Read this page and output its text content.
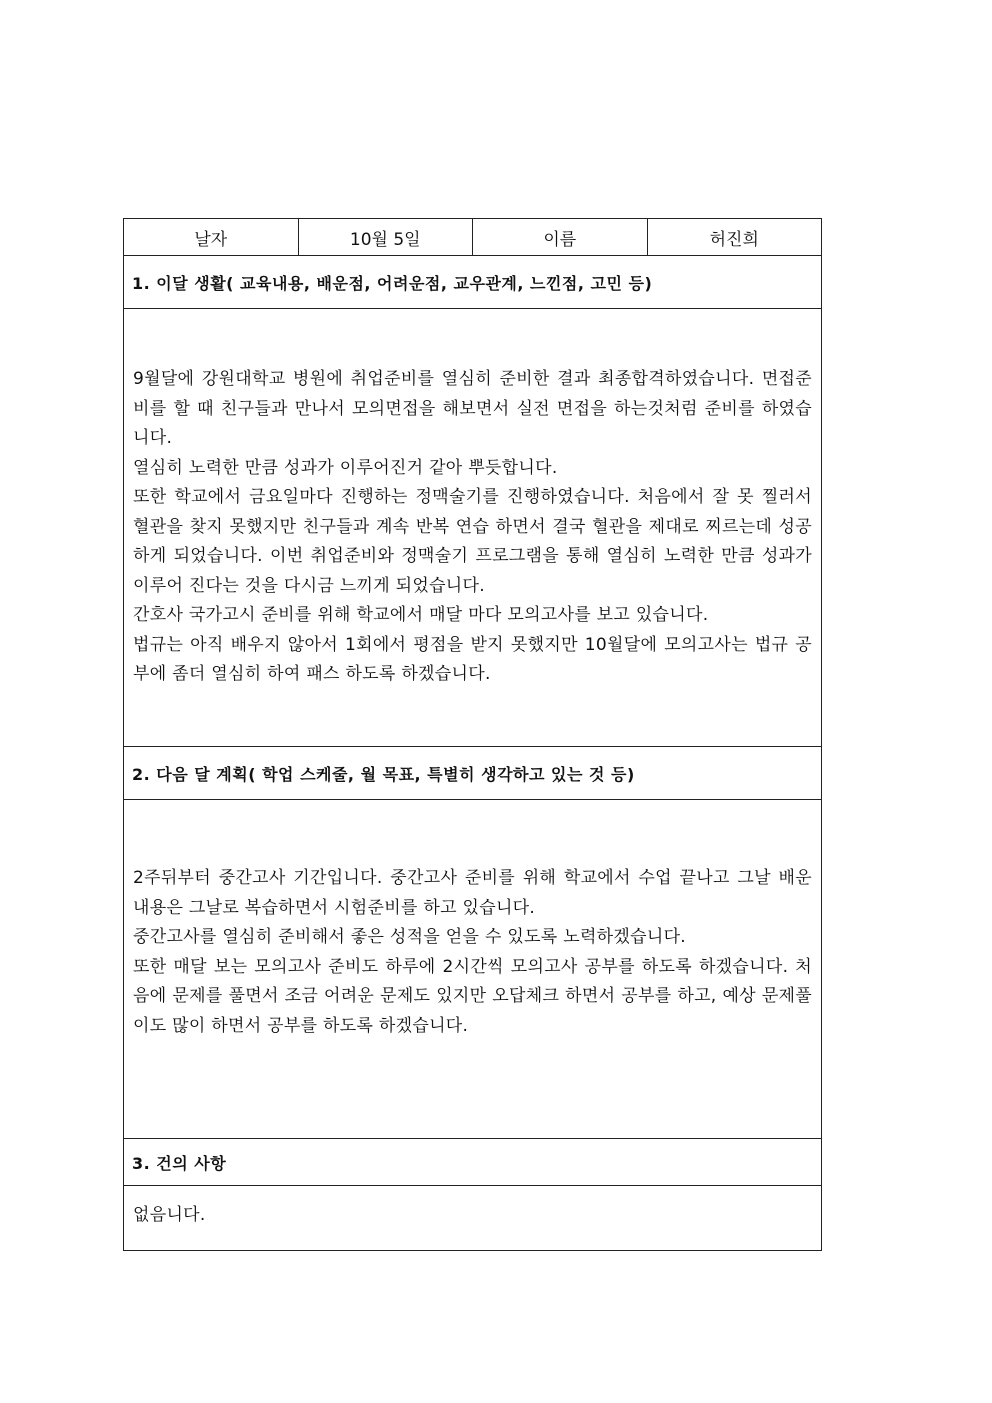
날자	10월 5일	이름	허진희
1. 이달 생활( 교육내용, 배운점, 어려운점, 교우관계, 느낀점, 고민 등)

9월달에 강원대학교 병원에 취업준비를 열심히 준비한 결과 최종합격하였습니다. 면접준비를 할 때 친구들과 만나서 모의면접을 해보면서 실전 면접을 하는것처럼 준비를 하였습니다.

열심히 노력한 만큼 성과가 이루어진거 같아 뿌듯합니다.

또한 학교에서 금요일마다 진행하는 정맥술기를 진행하였습니다. 처음에서 잘 못 찔러서 혈관을 찾지 못했지만 친구들과 계속 반복 연습 하면서 결국 혈관을 제대로 찌르는데 성공하게 되었습니다. 이번 취업준비와 정맥술기 프로그램을 통해 열심히 노력한 만큼 성과가 이루어 진다는 것을 다시금 느끼게 되었습니다.

간호사 국가고시 준비를 위해 학교에서 매달 마다 모의고사를 보고 있습니다.

법규는 아직 배우지 않아서 1회에서 평점을 받지 못했지만 10월달에 모의고사는 법규 공부에 좀더 열심히 하여 패스 하도록 하겠습니다.

2. 다음 달 계획( 학업 스케줄, 월 목표, 특별히 생각하고 있는 것 등)

2주뒤부터 중간고사 기간입니다. 중간고사 준비를 위해 학교에서 수업 끝나고 그날 배운 내용은 그날로 복습하면서 시험준비를 하고 있습니다.

중간고사를 열심히 준비해서 좋은 성적을 얻을 수 있도록 노력하겠습니다.

또한 매달 보는 모의고사 준비도 하루에 2시간씩 모의고사 공부를 하도록 하겠습니다. 처음에 문제를 풀면서 조금 어려운 문제도 있지만 오답체크 하면서 공부를 하고, 예상 문제풀이도 많이 하면서 공부를 하도록 하겠습니다.

3. 건의 사항

없음니다.
